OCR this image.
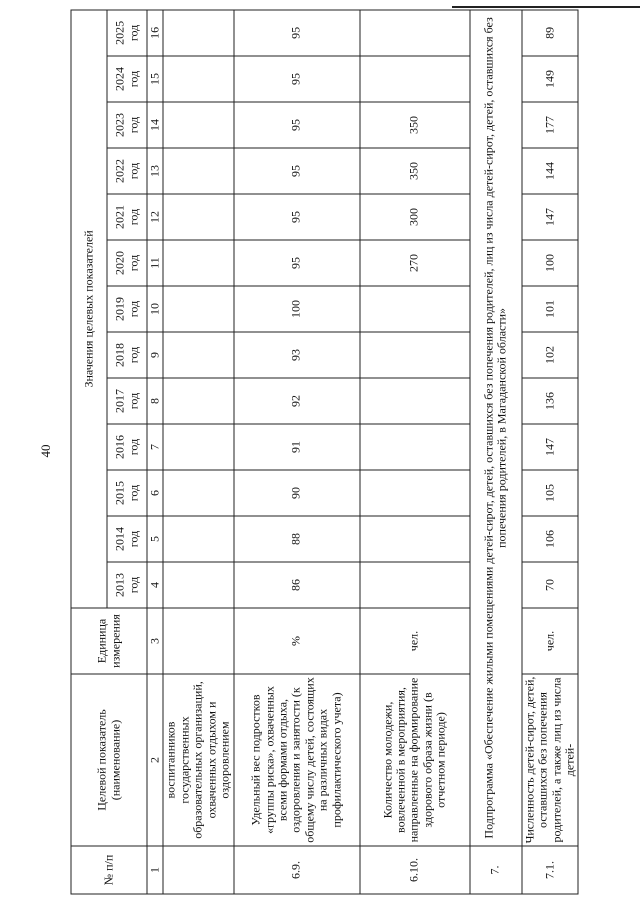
40
№ п/п	Целевой показатель (наименование)	Единица измерения	Значения целевых показателей												
			2013 год	2014 год	2015 год	2016 год	2017 год	2018 год	2019 год	2020 год	2021 год	2022 год	2023 год	2024 год	2025 год
1	2	3	4	5	6	7	8	9	10	11	12	13	14	15	16
	воспитанников государственных образовательных организаций, охваченных отдыхом и оздоровлением														
6.9.	Удельный вес подростков «группы риска», охваченных всеми формами отдыха, оздоровления и занятости (к общему числу детей, состоящих на различных видах профилактического учета)	%	86	88	90	91	92	93	100	95	95	95	95	95	95
6.10.	Количество молодежи, вовлеченной в мероприятия, направленные на формирование здорового образа жизни (в отчетном периоде)	чел.								270	300	350	350		
7.	Подпрограмма «Обеспечение жилыми помещениями детей-сирот, детей, оставшихся без попечения родителей, лиц из числа детей-сирот, детей, оставшихся без попечения родителей, в Магаданской области»														
7.1.	Численность детей-сирот, детей, оставшихся без попечения родителей, а также лиц из числа детей-	чел.	70	106	105	147	136	102	101	100	147	144	177	149	89
